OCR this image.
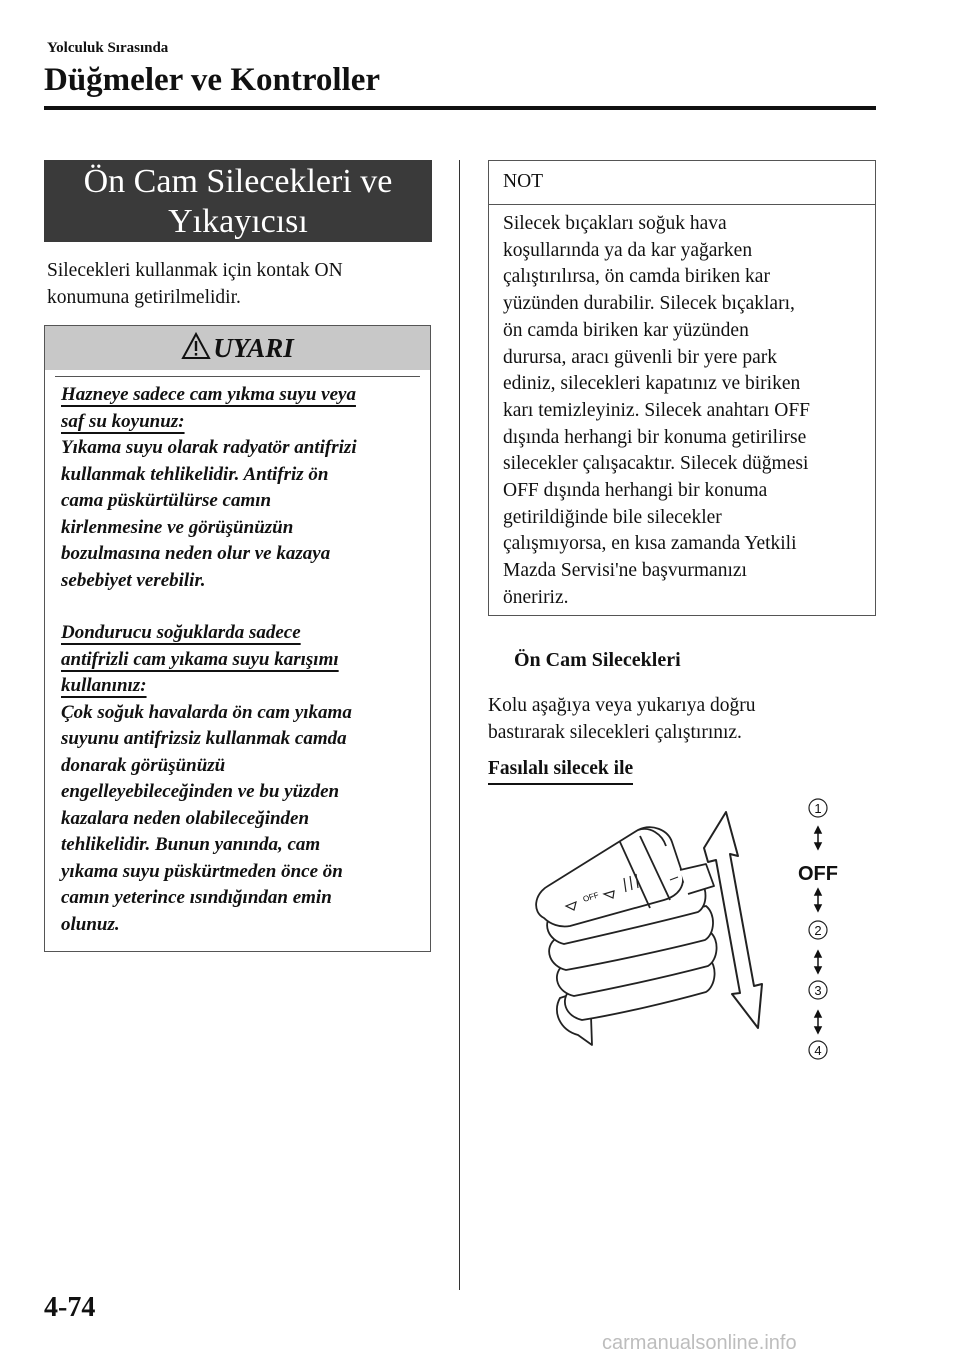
Yolculuk Sırasında
Düğmeler ve Kontroller
Ön Cam Silecekleri ve
Yıkayıcısı
Silecekleri kullanmak için kontak ON
konumuna getirilmelidir.
UYARI
Hazneye sadece cam yıkma suyu veya
saf su koyunuz:
Yıkama suyu olarak radyatör antifrizi
kullanmak tehlikelidir. Antifriz ön
cama püskürtülürse camın
kirlenmesine ve görüşünüzün
bozulmasına neden olur ve kazaya
sebebiyet verebilir.
Dondurucu soğuklarda sadece
antifrizli cam yıkama suyu karışımı
kullanınız:
Çok soğuk havalarda ön cam yıkama
suyunu antifrizsiz kullanmak camda
donarak görüşünüzü
engelleyebileceğinden ve bu yüzden
kazalara neden olabileceğinden
tehlikelidir. Bunun yanında, cam
yıkama suyu püskürtmeden önce ön
camın yeterince ısındığından emin
olunuz.
NOT
Silecek bıçakları soğuk hava
koşullarında ya da kar yağarken
çalıştırılırsa, ön camda biriken kar
yüzünden durabilir. Silecek bıçakları,
ön camda biriken kar yüzünden
durursa, aracı güvenli bir yere park
ediniz, silecekleri kapatınız ve biriken
karı temizleyiniz. Silecek anahtarı OFF
dışında herhangi bir konuma getirilirse
silecekler çalışacaktır. Silecek düğmesi
OFF dışında herhangi bir konuma
getirildiğinde bile silecekler
çalışmıyorsa, en kısa zamanda Yetkili
Mazda Servisi'ne başvurmanızı
öneririz.
Ön Cam Silecekleri
Kolu aşağıya veya yukarıya doğru
bastırarak silecekleri çalıştırınız.
Fasılalı silecek ile
OFF
1
OFF
2
3
4
4-74
carmanualsonline.info
